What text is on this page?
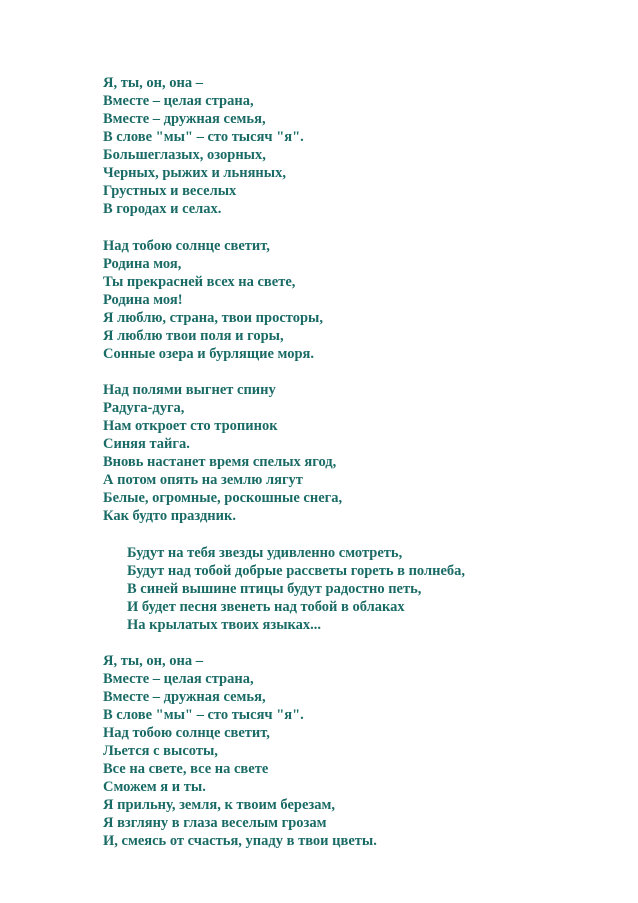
Я, ты, он, она –
Вместе – целая страна,
Вместе – дружная семья,
В слове "мы" – сто тысяч "я".
Большеглазых, озорных,
Черных, рыжих и льняных,
Грустных и веселых
В городах и селах.
Над тобою солнце светит,
Родина моя,
Ты прекрасней всех на свете,
Родина моя!
Я люблю, страна, твои просторы,
Я люблю твои поля и горы,
Сонные озера и бурлящие моря.
Над полями выгнет спину
Радуга-дуга,
Нам откроет сто тропинок
Синяя тайга.
Вновь настанет время спелых ягод,
А потом опять на землю лягут
Белые, огромные, роскошные снега,
Как будто праздник.
Будут на тебя звезды удивленно смотреть,
Будут над тобой добрые рассветы гореть в полнеба,
В синей вышине птицы будут радостно петь,
И будет песня звенеть над тобой в облаках
На крылатых твоих языках...
Я, ты, он, она –
Вместе – целая страна,
Вместе – дружная семья,
В слове "мы" – сто тысяч "я".
Над тобою солнце светит,
Льется с высоты,
Все на свете, все на свете
Сможем я и ты.
Я прильну, земля, к твоим березам,
Я взгляну в глаза веселым грозам
И, смеясь от счастья, упаду в твои цветы.
